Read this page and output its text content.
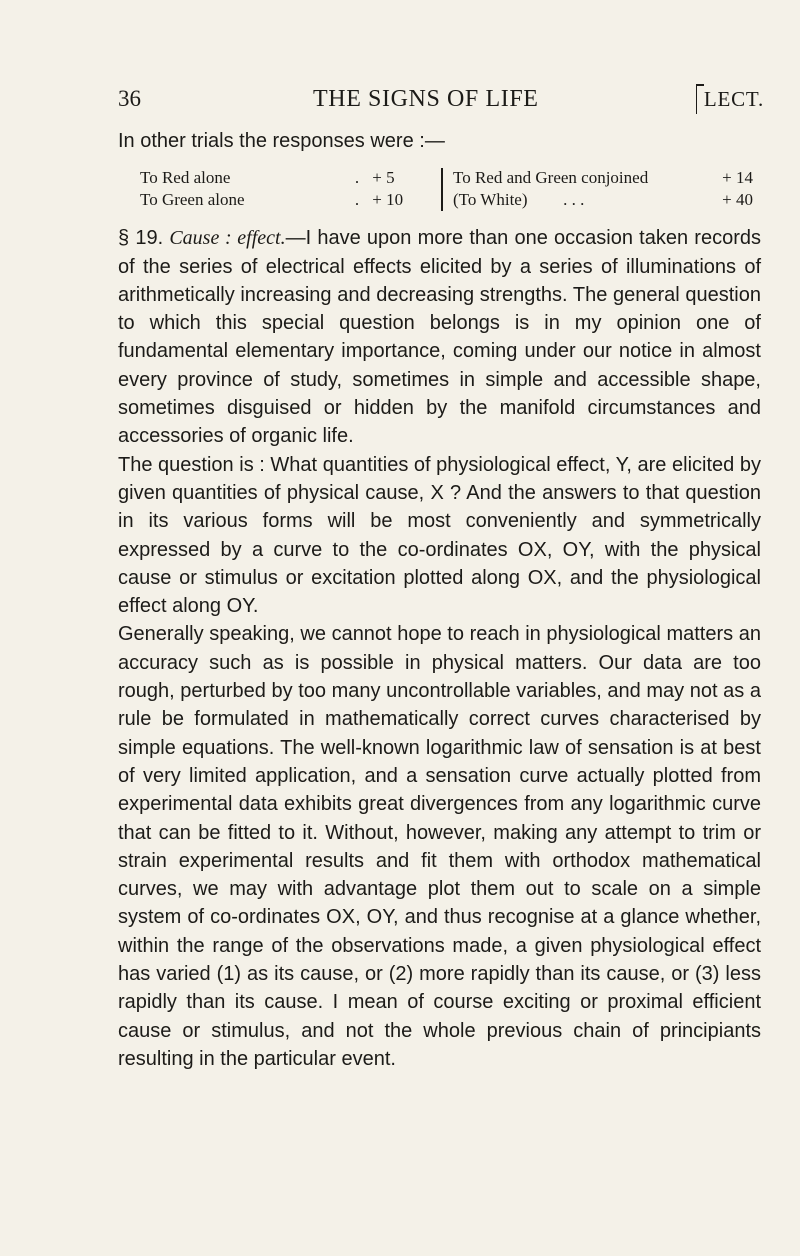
36	THE SIGNS OF LIFE	LECT.

In other trials the responses were :—

To Red alone	. + 5	To Red and Green conjoined	+ 14
To Green alone	. + 10	(To White) . . .	+ 40

§ 19. Cause : effect.—I have upon more than one occasion taken records of the series of electrical effects elicited by a series of illuminations of arithmetically increasing and decreasing strengths. The general question to which this special question belongs is in my opinion one of fundamental elementary importance, coming under our notice in almost every province of study, sometimes in simple and accessible shape, sometimes disguised or hidden by the manifold circumstances and accessories of organic life.

The question is : What quantities of physiological effect, Y, are elicited by given quantities of physical cause, X ? And the answers to that question in its various forms will be most conveniently and symmetrically expressed by a curve to the co-ordinates OX, OY, with the physical cause or stimulus or excitation plotted along OX, and the physiological effect along OY.

Generally speaking, we cannot hope to reach in physiological matters an accuracy such as is possible in physical matters. Our data are too rough, perturbed by too many uncontrollable variables, and may not as a rule be formulated in mathematically correct curves characterised by simple equations. The well-known logarithmic law of sensation is at best of very limited application, and a sensation curve actually plotted from experimental data exhibits great divergences from any logarithmic curve that can be fitted to it. Without, however, making any attempt to trim or strain experimental results and fit them with orthodox mathematical curves, we may with advantage plot them out to scale on a simple system of co-ordinates OX, OY, and thus recognise at a glance whether, within the range of the observations made, a given physiological effect has varied (1) as its cause, or (2) more rapidly than its cause, or (3) less rapidly than its cause. I mean of course exciting or proximal efficient cause or stimulus, and not the whole previous chain of principiants resulting in the particular event.
